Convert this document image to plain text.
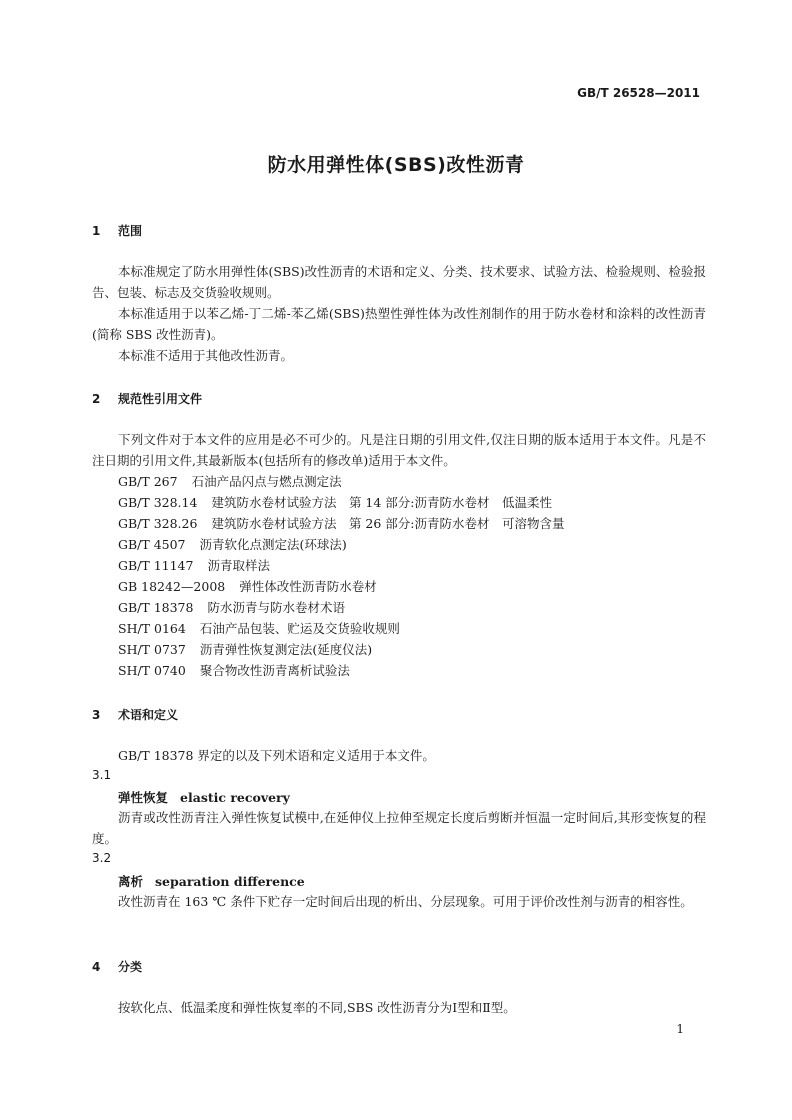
GB/T 26528—2011
防水用弹性体(SBS)改性沥青
1 范围
本标准规定了防水用弹性体(SBS)改性沥青的术语和定义、分类、技术要求、试验方法、检验规则、检验报告、包装、标志及交货验收规则。
本标准适用于以苯乙烯-丁二烯-苯乙烯(SBS)热塑性弹性体为改性剂制作的用于防水卷材和涂料的改性沥青(简称 SBS 改性沥青)。
本标准不适用于其他改性沥青。
2 规范性引用文件
下列文件对于本文件的应用是必不可少的。凡是注日期的引用文件,仅注日期的版本适用于本文件。凡是不注日期的引用文件,其最新版本(包括所有的修改单)适用于本文件。
GB/T 267 石油产品闪点与燃点测定法
GB/T 328.14 建筑防水卷材试验方法　第 14 部分:沥青防水卷材　低温柔性
GB/T 328.26 建筑防水卷材试验方法　第 26 部分:沥青防水卷材　可溶物含量
GB/T 4507 沥青软化点测定法(环球法)
GB/T 11147 沥青取样法
GB 18242—2008 弹性体改性沥青防水卷材
GB/T 18378 防水沥青与防水卷材术语
SH/T 0164 石油产品包装、贮运及交货验收规则
SH/T 0737 沥青弹性恢复测定法(延度仪法)
SH/T 0740 聚合物改性沥青离析试验法
3 术语和定义
GB/T 18378 界定的以及下列术语和定义适用于本文件。
3.1
弹性恢复 elastic recovery
沥青或改性沥青注入弹性恢复试模中,在延伸仪上拉伸至规定长度后剪断并恒温一定时间后,其形变恢复的程度。
3.2
离析 separation difference
改性沥青在 163 ℃ 条件下贮存一定时间后出现的析出、分层现象。可用于评价改性剂与沥青的相容性。
4 分类
按软化点、低温柔度和弹性恢复率的不同,SBS 改性沥青分为Ⅰ型和Ⅱ型。
1
